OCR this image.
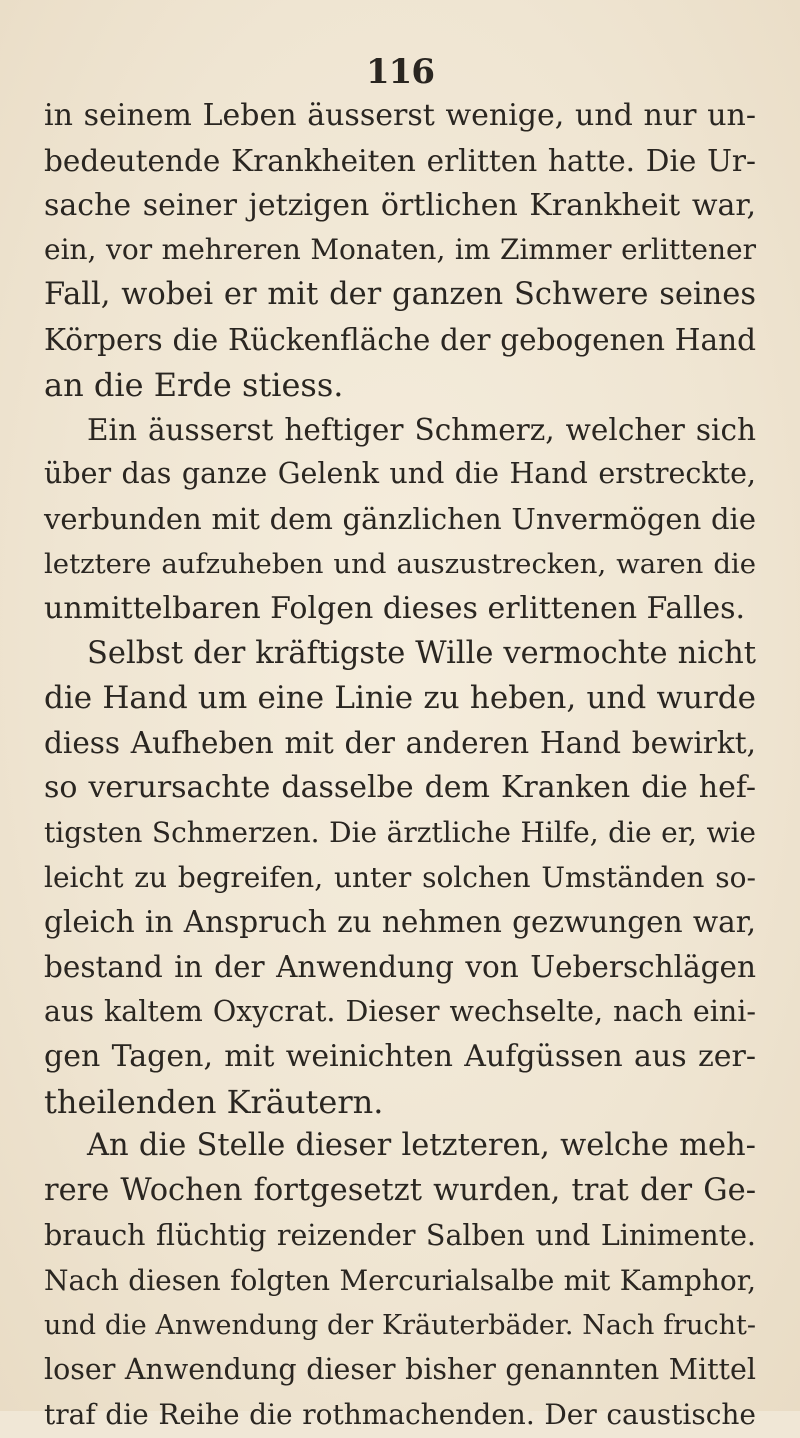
116
in seinem Leben äusserst wenige, und nur un-
bedeutende Krankheiten erlitten hatte. Die Ur-
sache seiner jetzigen örtlichen Krankheit war,
ein, vor mehreren Monaten, im Zimmer erlittener
Fall, wobei er mit der ganzen Schwere seines
Körpers die Rückenfläche der gebogenen Hand
an die Erde stiess.
Ein äusserst heftiger Schmerz, welcher sich
über das ganze Gelenk und die Hand erstreckte,
verbunden mit dem gänzlichen Unvermögen die
letztere aufzuheben und auszustrecken, waren die
unmittelbaren Folgen dieses erlittenen Falles.
Selbst der kräftigste Wille vermochte nicht
die Hand um eine Linie zu heben, und wurde
diess Aufheben mit der anderen Hand bewirkt,
so verursachte dasselbe dem Kranken die hef-
tigsten Schmerzen. Die ärztliche Hilfe, die er, wie
leicht zu begreifen, unter solchen Umständen so-
gleich in Anspruch zu nehmen gezwungen war,
bestand in der Anwendung von Ueberschlägen
aus kaltem Oxycrat. Dieser wechselte, nach eini-
gen Tagen, mit weinichten Aufgüssen aus zer-
theilenden Kräutern.
An die Stelle dieser letzteren, welche meh-
rere Wochen fortgesetzt wurden, trat der Ge-
brauch flüchtig reizender Salben und Linimente.
Nach diesen folgten Mercurialsalbe mit Kamphor,
und die Anwendung der Kräuterbäder. Nach frucht-
loser Anwendung dieser bisher genannten Mittel
traf die Reihe die rothmachenden. Der caustische
